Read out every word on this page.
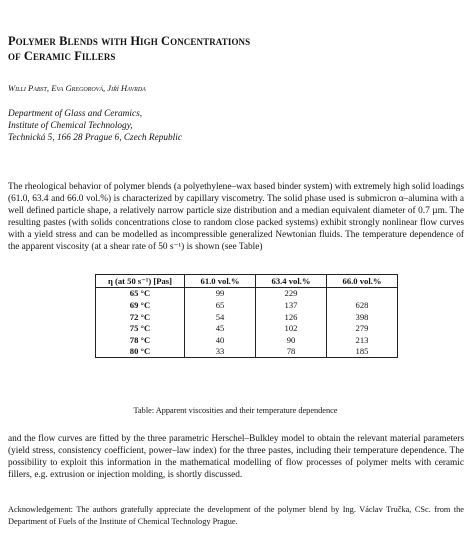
Polymer Blends with High Concentrations
of Ceramic Fillers
Willi Pabst, Eva Gregorová, Jiří Havrda
Department of Glass and Ceramics,
Institute of Chemical Technology,
Technická 5, 166 28 Prague 6, Czech Republic
The rheological behavior of polymer blends (a polyethylene–wax based binder system) with extremely high solid loadings (61.0, 63.4 and 66.0 vol.%) is characterized by capillary viscometry. The solid phase used is submicron α–alumina with a well defined particle shape, a relatively narrow particle size distribution and a median equivalent diameter of 0.7 µm. The resulting pastes (with solids concentrations close to random close packed systems) exhibit strongly nonlinear flow curves with a yield stress and can be modelled as incompressible generalized Newtonian fluids. The temperature dependence of the apparent viscosity (at a shear rate of 50 s⁻¹) is shown (see Table)
η (at 50 s⁻¹) [Pas]	61.0 vol.%	63.4 vol.%	66.0 vol.%
65 °C	99	229	
69 °C	65	137	628
72 °C	54	126	398
75 °C	45	102	279
78 °C	40	90	213
80 °C	33	78	185
Table: Apparent viscosities and their temperature dependence
and the flow curves are fitted by the three parametric Herschel–Bulkley model to obtain the relevant material parameters (yield stress, consistency coefficient, power–law index) for the three pastes, including their temperature dependence. The possibility to exploit this information in the mathematical modelling of flow processes of polymer melts with ceramic fillers, e.g. extrusion or injection molding, is shortly discussed.
Acknowledgement: The authors gratefully appreciate the development of the polymer blend by Ing. Václav Tručka, CSc. from the Department of Fuels of the Institute of Chemical Technology Prague.
